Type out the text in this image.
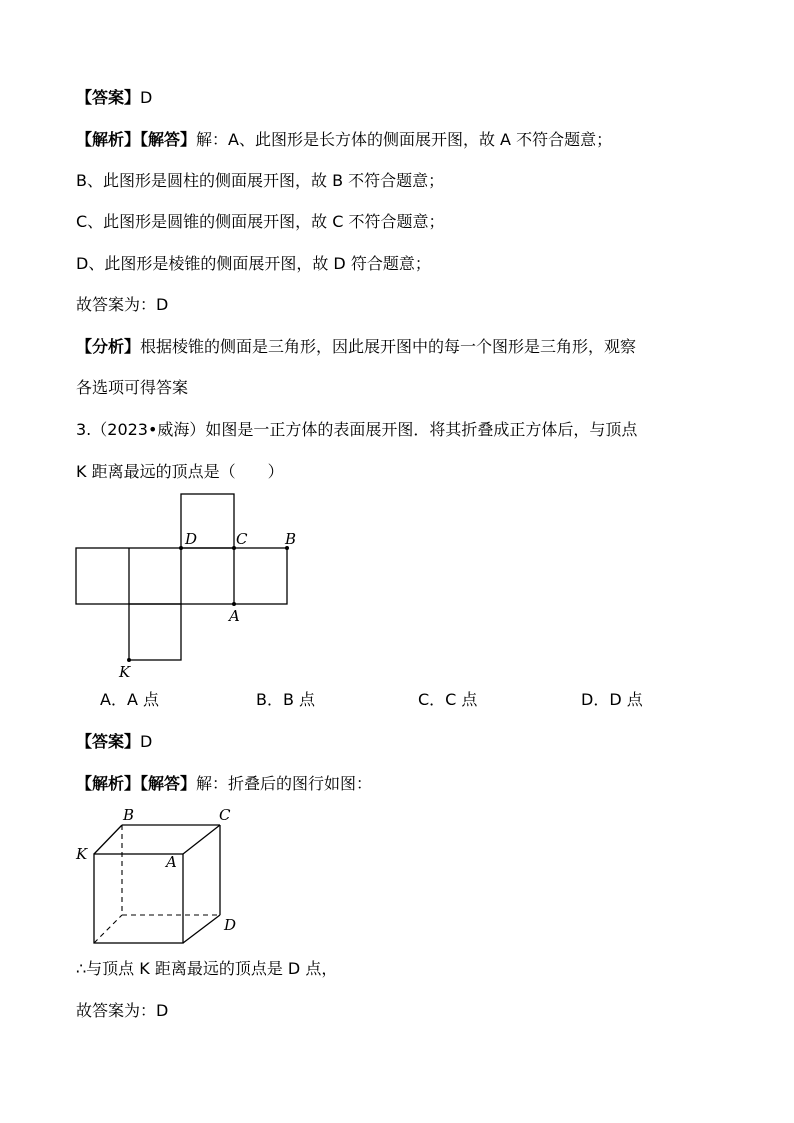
【答案】D
【解析】【解答】解：A、此图形是长方体的侧面展开图，故 A 不符合题意；
B、此图形是圆柱的侧面展开图，故 B 不符合题意；
C、此图形是圆锥的侧面展开图，故 C 不符合题意；
D、此图形是棱锥的侧面展开图，故 D 符合题意；
故答案为：D
【分析】根据棱锥的侧面是三角形，因此展开图中的每一个图形是三角形，观察
各选项可得答案
3.（2023•威海）如图是一正方体的表面展开图．将其折叠成正方体后，与顶点
K 距离最远的顶点是（　　）
D	C	B
A
K
B	C
K	A
D
A．A 点	B．B 点	C．C 点	D．D 点
【答案】D
【解析】【解答】解：折叠后的图行如图：
∴与顶点 K 距离最远的顶点是 D 点，
故答案为：D
